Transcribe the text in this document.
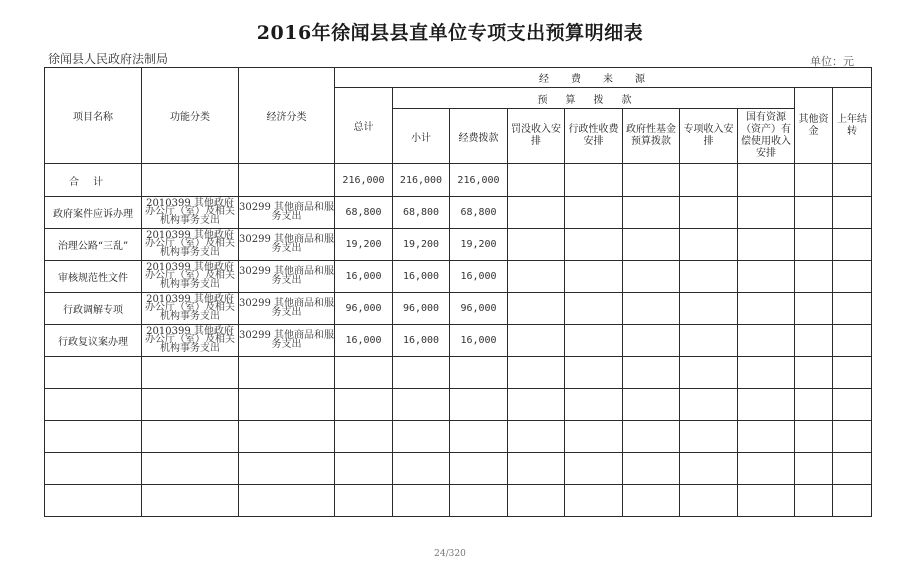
2016年徐闻县县直单位专项支出预算明细表
徐闻县人民政府法制局	单位：元
项目名称	功能分类	经济分类	经费来源									
			总计	预算拨款							其他资金	上年结转
				小计	经费拨款	罚没收入安排	行政性收费安排	政府性基金预算拨款	专项收入安排	国有资源（资产）有偿使用收入安排		
合计			216,000	216,000	216,000							
政府案件应诉办理	2010399 其他政府办公厅（室）及相关机构事务支出	30299 其他商品和服务支出	68,800	68,800	68,800							
治理公路“三乱”	2010399 其他政府办公厅（室）及相关机构事务支出	30299 其他商品和服务支出	19,200	19,200	19,200							
审核规范性文件	2010399 其他政府办公厅（室）及相关机构事务支出	30299 其他商品和服务支出	16,000	16,000	16,000							
行政调解专项	2010399 其他政府办公厅（室）及相关机构事务支出	30299 其他商品和服务支出	96,000	96,000	96,000							
行政复议案办理	2010399 其他政府办公厅（室）及相关机构事务支出	30299 其他商品和服务支出	16,000	16,000	16,000							

24/320
